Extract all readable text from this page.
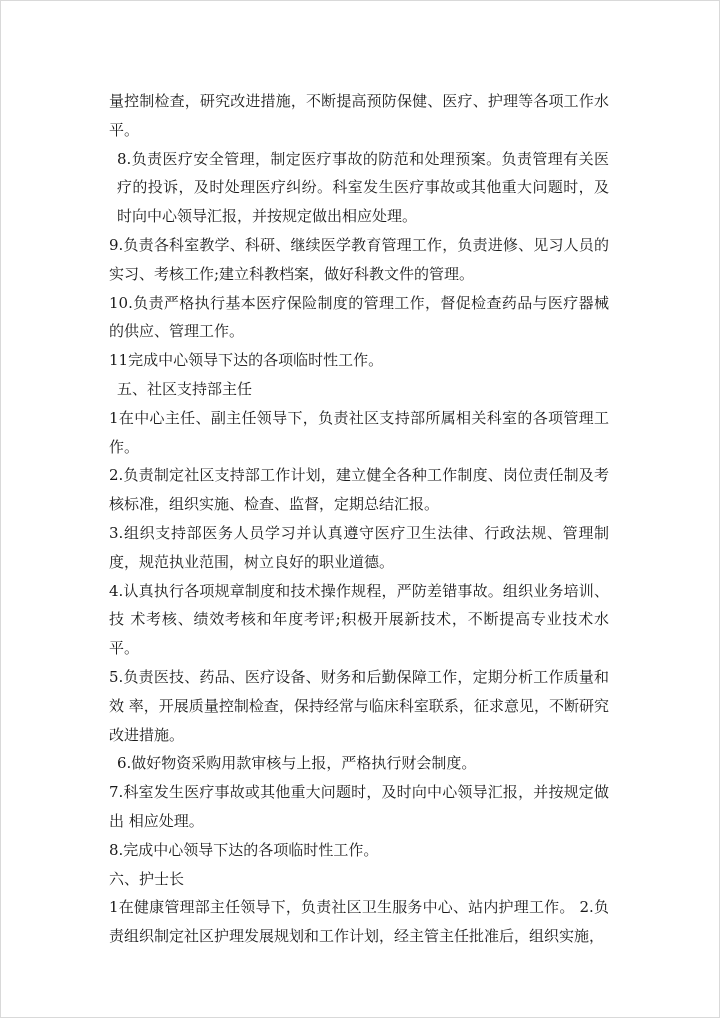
量控制检查，研究改进措施，不断提高预防保健、医疗、护理等各项工作水平。

8.负责医疗安全管理，制定医疗事故的防范和处理预案。负责管理有关医疗的投诉，及时处理医疗纠纷。科室发生医疗事故或其他重大问题时，及时向中心领导汇报，并按规定做出相应处理。

9.负责各科室教学、科研、继续医学教育管理工作，负责进修、见习人员的实习、考核工作;建立科教档案，做好科教文件的管理。

10.负责严格执行基本医疗保险制度的管理工作，督促检查药品与医疗器械的供应、管理工作。

11完成中心领导下达的各项临时性工作。

五、社区支持部主任

1在中心主任、副主任领导下，负责社区支持部所属相关科室的各项管理工作。

2.负责制定社区支持部工作计划，建立健全各种工作制度、岗位责任制及考核标准，组织实施、检查、监督，定期总结汇报。

3.组织支持部医务人员学习并认真遵守医疗卫生法律、行政法规、管理制度，规范执业范围，树立良好的职业道德。

4.认真执行各项规章制度和技术操作规程，严防差错事故。组织业务培训、技 术考核、绩效考核和年度考评;积极开展新技术，不断提高专业技术水平。

5.负责医技、药品、医疗设备、财务和后勤保障工作，定期分析工作质量和效 率，开展质量控制检查，保持经常与临床科室联系，征求意见，不断研究改进措施。

6.做好物资采购用款审核与上报，严格执行财会制度。

7.科室发生医疗事故或其他重大问题时，及时向中心领导汇报，并按规定做出 相应处理。

8.完成中心领导下达的各项临时性工作。

六、护士长

1在健康管理部主任领导下，负责社区卫生服务中心、站内护理工作。 2.负责组织制定社区护理发展规划和工作计划，经主管主任批准后，组织实施，
